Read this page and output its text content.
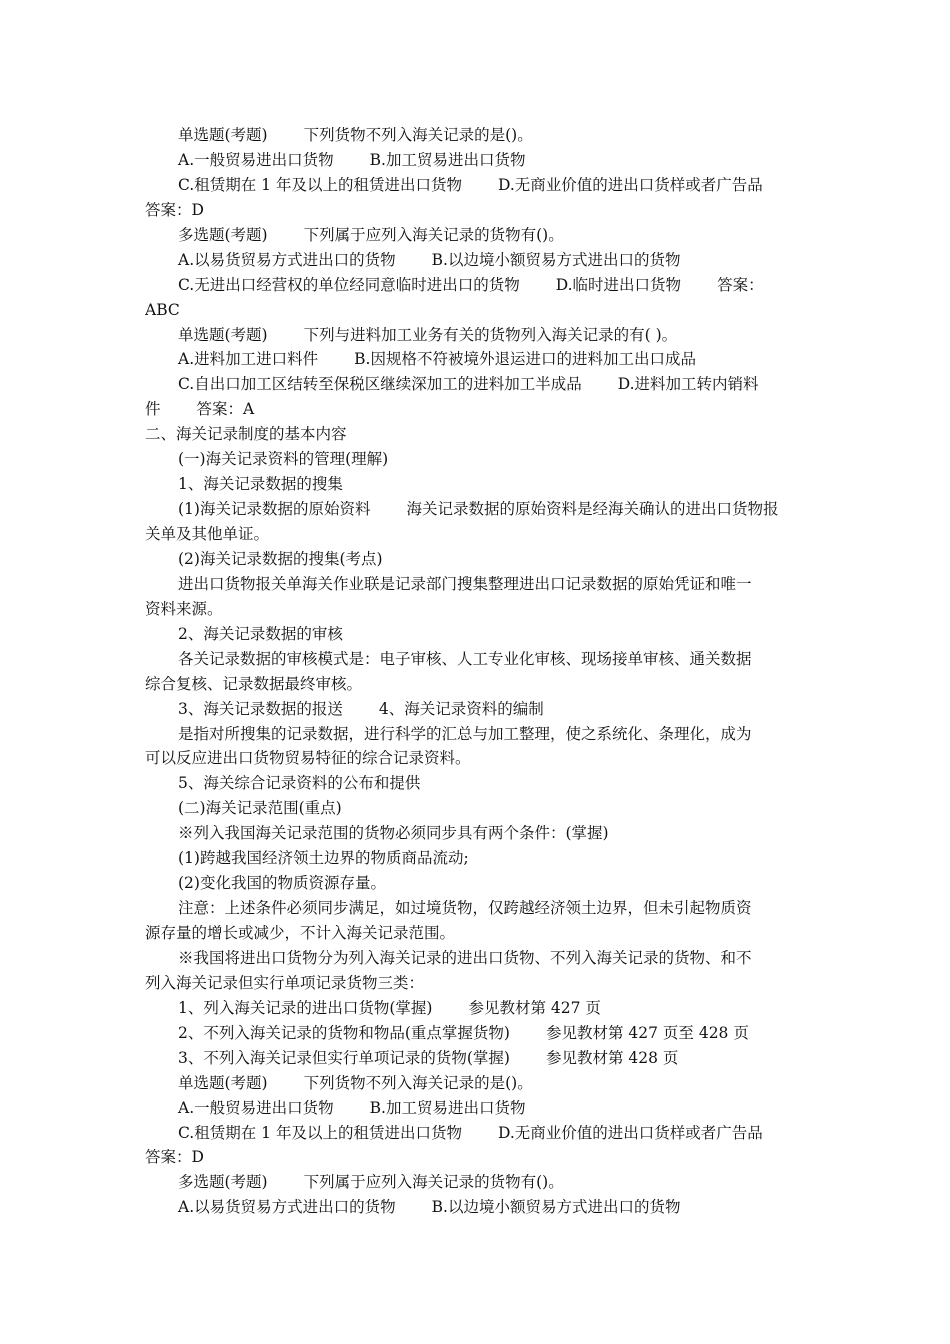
单选题(考题) 下列货物不列入海关记录的是()。
A.一般贸易进出口货物 B.加工贸易进出口货物
C.租赁期在 1 年及以上的租赁进出口货物 D.无商业价值的进出口货样或者广告品
答案：D
多选题(考题) 下列属于应列入海关记录的货物有()。
A.以易货贸易方式进出口的货物 B.以边境小额贸易方式进出口的货物
C.无进出口经营权的单位经同意临时进出口的货物 D.临时进出口货物 答案：
ABC
单选题(考题) 下列与进料加工业务有关的货物列入海关记录的有( )。
A.进料加工进口料件 B.因规格不符被境外退运进口的进料加工出口成品
C.自出口加工区结转至保税区继续深加工的进料加工半成品 D.进料加工转内销料
件 答案：A
二、海关记录制度的基本内容
(一)海关记录资料的管理(理解)
1、海关记录数据的搜集
(1)海关记录数据的原始资料 海关记录数据的原始资料是经海关确认的进出口货物报
关单及其他单证。
(2)海关记录数据的搜集(考点)
进出口货物报关单海关作业联是记录部门搜集整理进出口记录数据的原始凭证和唯一
资料来源。
2、海关记录数据的审核
各关记录数据的审核模式是：电子审核、人工专业化审核、现场接单审核、通关数据
综合复核、记录数据最终审核。
3、海关记录数据的报送 4、海关记录资料的编制
是指对所搜集的记录数据，进行科学的汇总与加工整理，使之系统化、条理化，成为
可以反应进出口货物贸易特征的综合记录资料。
5、海关综合记录资料的公布和提供
(二)海关记录范围(重点)
※列入我国海关记录范围的货物必须同步具有两个条件：(掌握)
(1)跨越我国经济领土边界的物质商品流动;
(2)变化我国的物质资源存量。
注意：上述条件必须同步满足，如过境货物，仅跨越经济领土边界，但未引起物质资
源存量的增长或减少，不计入海关记录范围。
※我国将进出口货物分为列入海关记录的进出口货物、不列入海关记录的货物、和不
列入海关记录但实行单项记录货物三类：
1、列入海关记录的进出口货物(掌握) 参见教材第 427 页
2、不列入海关记录的货物和物品(重点掌握货物) 参见教材第 427 页至 428 页
3、不列入海关记录但实行单项记录的货物(掌握) 参见教材第 428 页
单选题(考题) 下列货物不列入海关记录的是()。
A.一般贸易进出口货物 B.加工贸易进出口货物
C.租赁期在 1 年及以上的租赁进出口货物 D.无商业价值的进出口货样或者广告品
答案：D
多选题(考题) 下列属于应列入海关记录的货物有()。
A.以易货贸易方式进出口的货物 B.以边境小额贸易方式进出口的货物
